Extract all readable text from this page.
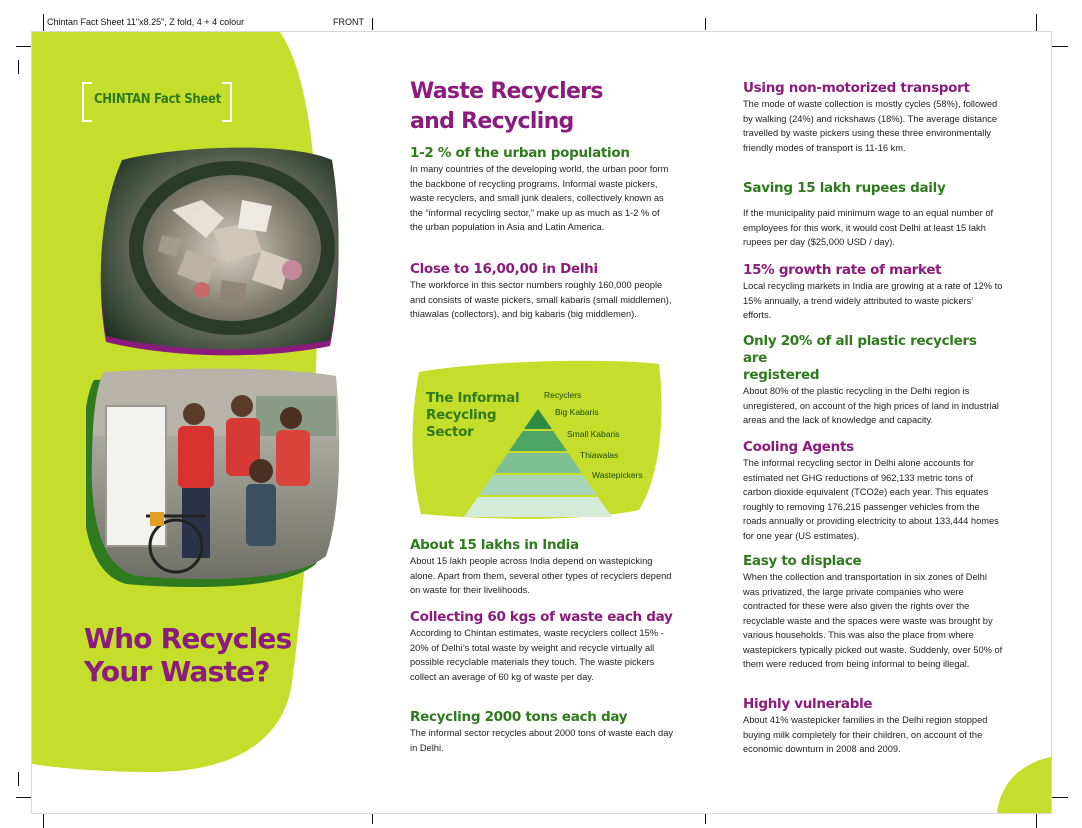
Chintan Fact Sheet 11"x8.25", Z fold, 4 + 4 colour	FRONT
CHINTAN Fact Sheet
Who Recycles
Your Waste?
Waste Recyclers
and Recycling
1-2 % of the urban population
In many countries of the developing world, the urban poor form the backbone of recycling programs. Informal waste pickers, waste recyclers, and small junk dealers, collectively known as the “informal recycling sector,” make up as much as 1-2 % of the urban population in Asia and Latin America.
Close to 16,00,00 in Delhi
The workforce in this sector numbers roughly 160,000 people and consists of waste pickers, small kabaris (small middlemen), thiawalas (collectors), and big kabaris (big middlemen).
The Informal
Recycling
Sector
Recyclers
Big Kabaris
Small Kabaris
Thiawalas
Wastepickers
About 15 lakhs in India
About 15 lakh people across India depend on wastepicking alone. Apart from them, several other types of recyclers depend on waste for their livelihoods.
Collecting 60 kgs of waste each day
According to Chintan estimates, waste recyclers collect 15% - 20% of Delhi’s total waste by weight and recycle virtually all possible recyclable materials they touch. The waste pickers collect an average of 60 kg of waste per day.
Recycling 2000 tons each day
The informal sector recycles about 2000 tons of waste each day in Delhi.
Using non-motorized transport
The mode of waste collection is mostly cycles (58%), followed by walking (24%) and rickshaws (18%). The average distance travelled by waste pickers using these three environmentally friendly modes of transport is 11-16 km.
Saving 15 lakh rupees daily
If the municipality paid minimum wage to an equal number of employees for this work, it would cost Delhi at least 15 lakh rupees per day ($25,000 USD / day).
15% growth rate of market
Local recycling markets in India are growing at a rate of 12% to 15% annually, a trend widely attributed to waste pickers’ efforts.
Only 20% of all plastic recyclers are
registered
About 80% of the plastic recycling in the Delhi region is unregistered, on account of the high prices of land in industrial areas and the lack of knowledge and capacity.
Cooling Agents
The informal recycling sector in Delhi alone accounts for estimated net GHG reductions of 962,133 metric tons of carbon dioxide equivalent (TCO2e) each year. This equates roughly to removing 176,215 passenger vehicles from the roads annually or providing electricity to about 133,444 homes for one year (US estimates).
Easy to displace
When the collection and transportation in six zones of Delhi was privatized, the large private companies who were contracted for these were also given the rights over the recyclable waste and the spaces were waste was brought by various households. This was also the place from where wastepickers typically picked out waste. Suddenly, over 50% of them were reduced from being informal to being illegal.
Highly vulnerable
About 41% wastepicker families in the Delhi region stopped buying milk completely for their children, on account of the economic downturn in 2008 and 2009.
